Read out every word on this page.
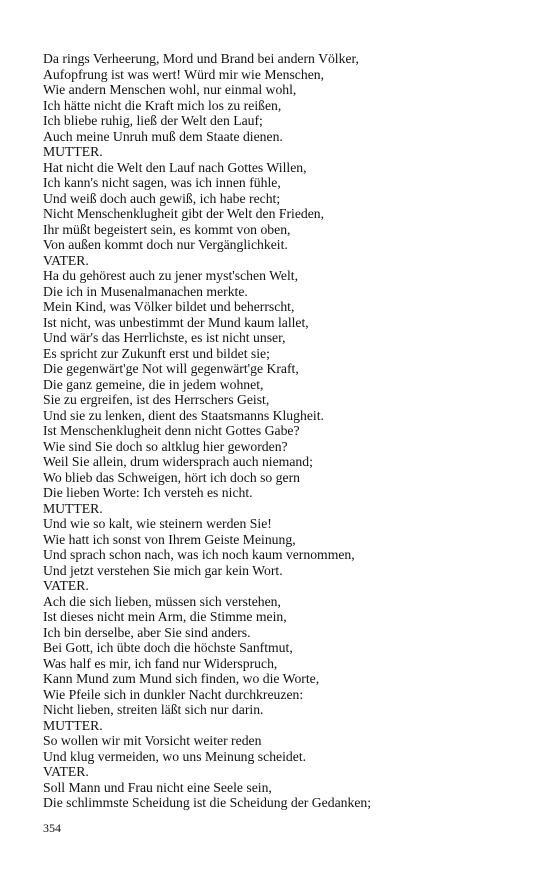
Da rings Verheerung, Mord und Brand bei andern Völker,
Aufopfrung ist was wert! Würd mir wie Menschen,
Wie andern Menschen wohl, nur einmal wohl,
Ich hätte nicht die Kraft mich los zu reißen,
Ich bliebe ruhig, ließ der Welt den Lauf;
Auch meine Unruh muß dem Staate dienen.
MUTTER.
Hat nicht die Welt den Lauf nach Gottes Willen,
Ich kann's nicht sagen, was ich innen fühle,
Und weiß doch auch gewiß, ich habe recht;
Nicht Menschenklugheit gibt der Welt den Frieden,
Ihr müßt begeistert sein, es kommt von oben,
Von außen kommt doch nur Vergänglichkeit.
VATER.
Ha du gehörest auch zu jener myst'schen Welt,
Die ich in Musenalmanachen merkte.
Mein Kind, was Völker bildet und beherrscht,
Ist nicht, was unbestimmt der Mund kaum lallet,
Und wär's das Herrlichste, es ist nicht unser,
Es spricht zur Zukunft erst und bildet sie;
Die gegenwärt'ge Not will gegenwärt'ge Kraft,
Die ganz gemeine, die in jedem wohnet,
Sie zu ergreifen, ist des Herrschers Geist,
Und sie zu lenken, dient des Staatsmanns Klugheit.
Ist Menschenklugheit denn nicht Gottes Gabe?
Wie sind Sie doch so altklug hier geworden?
Weil Sie allein, drum widersprach auch niemand;
Wo blieb das Schweigen, hört ich doch so gern
Die lieben Worte: Ich versteh es nicht.
MUTTER.
Und wie so kalt, wie steinern werden Sie!
Wie hatt ich sonst von Ihrem Geiste Meinung,
Und sprach schon nach, was ich noch kaum vernommen,
Und jetzt verstehen Sie mich gar kein Wort.
VATER.
Ach die sich lieben, müssen sich verstehen,
Ist dieses nicht mein Arm, die Stimme mein,
Ich bin derselbe, aber Sie sind anders.
Bei Gott, ich übte doch die höchste Sanftmut,
Was half es mir, ich fand nur Widerspruch,
Kann Mund zum Mund sich finden, wo die Worte,
Wie Pfeile sich in dunkler Nacht durchkreuzen:
Nicht lieben, streiten läßt sich nur darin.
MUTTER.
So wollen wir mit Vorsicht weiter reden
Und klug vermeiden, wo uns Meinung scheidet.
VATER.
Soll Mann und Frau nicht eine Seele sein,
Die schlimmste Scheidung ist die Scheidung der Gedanken;
354
